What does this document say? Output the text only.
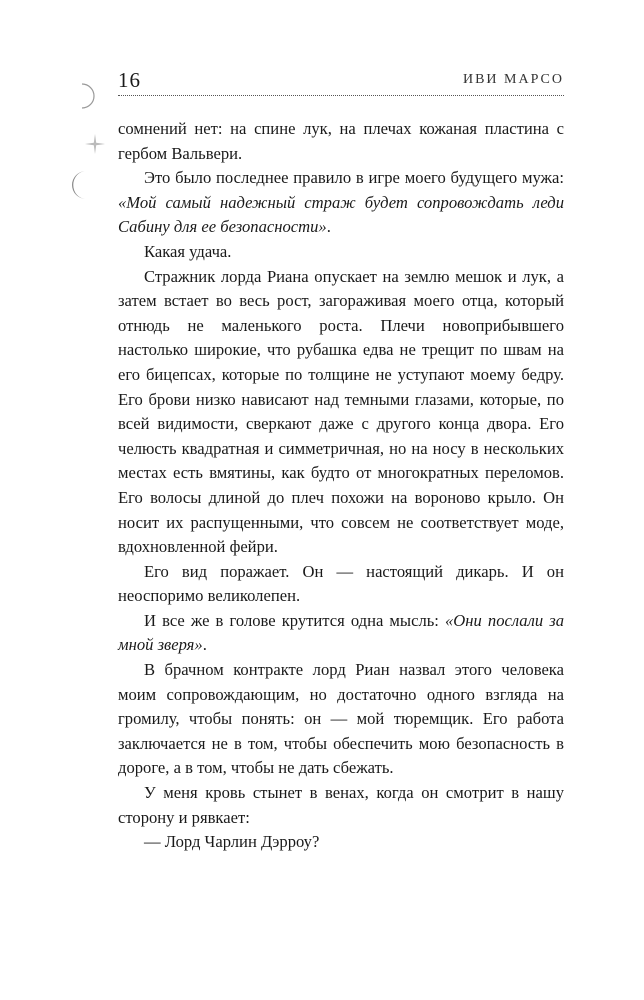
16	ИВИ МАРСО

сомнений нет: на спине лук, на плечах кожаная пластина с гербом Вальвери.

Это было последнее правило в игре моего будущего мужа: «Мой самый надежный страж будет сопровождать леди Сабину для ее безопасности».

Какая удача.

Стражник лорда Риана опускает на землю мешок и лук, а затем встает во весь рост, загораживая моего отца, который отнюдь не маленького роста. Плечи новоприбывшего настолько широкие, что рубашка едва не трещит по швам на его бицепсах, которые по толщине не уступают моему бедру. Его брови низко нависают над темными глазами, которые, по всей видимости, сверкают даже с другого конца двора. Его челюсть квадратная и симметричная, но на носу в нескольких местах есть вмятины, как будто от многократных переломов. Его волосы длиной до плеч похожи на вороново крыло. Он носит их распущенными, что совсем не соответствует моде, вдохновленной фейри.

Его вид поражает. Он — настоящий дикарь. И он неоспоримо великолепен.

И все же в голове крутится одна мысль: «Они послали за мной зверя».

В брачном контракте лорд Риан назвал этого человека моим сопровождающим, но достаточно одного взгляда на громилу, чтобы понять: он — мой тюремщик. Его работа заключается не в том, чтобы обеспечить мою безопасность в дороге, а в том, чтобы не дать сбежать.

У меня кровь стынет в венах, когда он смотрит в нашу сторону и рявкает:

— Лорд Чарлин Дэрроу?
